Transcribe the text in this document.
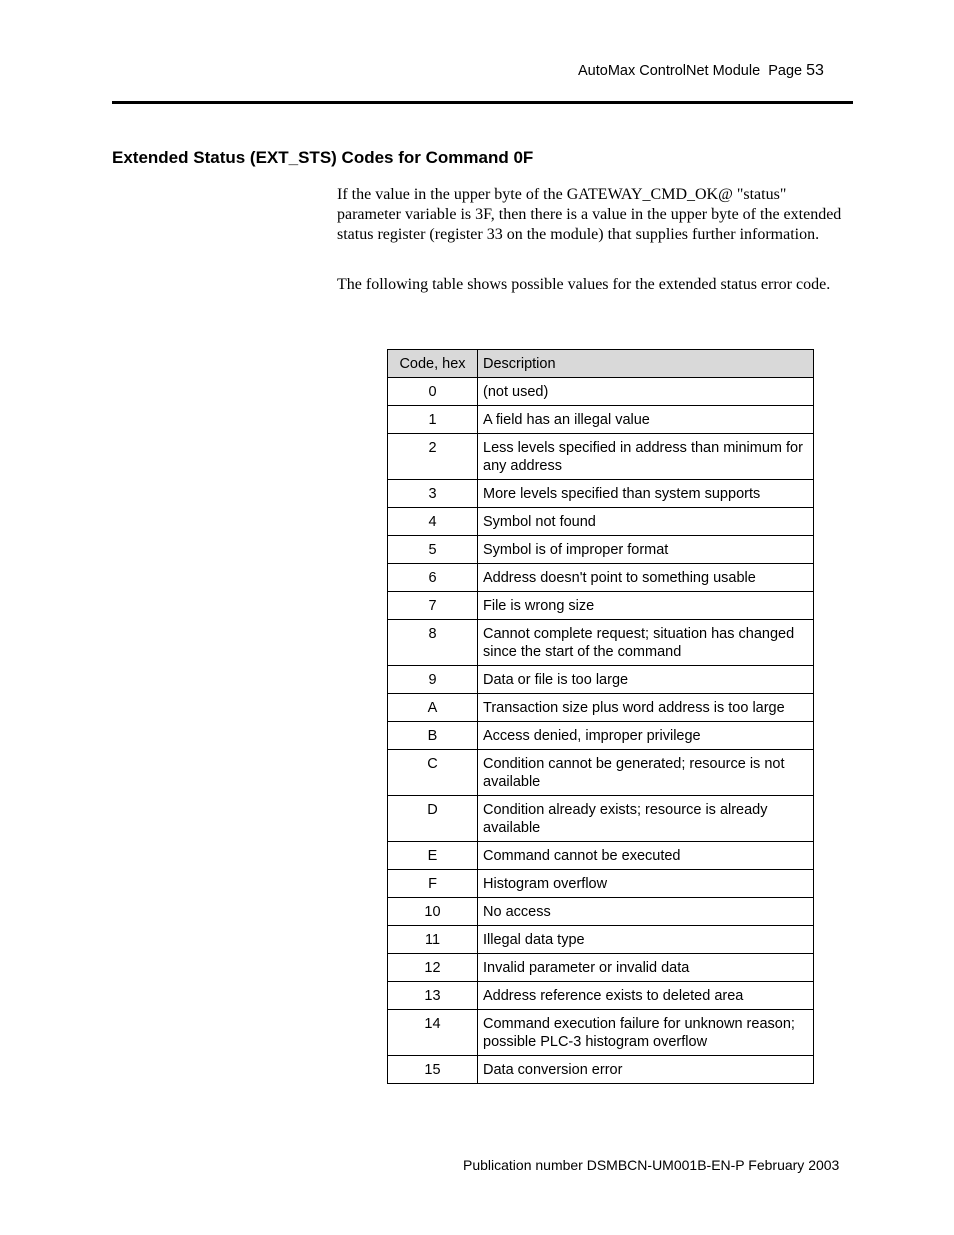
AutoMax ControlNet Module Page 53
Extended Status (EXT_STS) Codes for Command 0F

If the value in the upper byte of the GATEWAY_CMD_OK@ "status" parameter variable is 3F, then there is a value in the upper byte of the extended status register (register 33 on the module) that supplies further information.

The following table shows possible values for the extended status error code.

Code, hex	Description
0	(not used)
1	A field has an illegal value
2	Less levels specified in address than minimum for any address
3	More levels specified than system supports
4	Symbol not found
5	Symbol is of improper format
6	Address doesn't point to something usable
7	File is wrong size
8	Cannot complete request; situation has changed since the start of the command
9	Data or file is too large
A	Transaction size plus word address is too large
B	Access denied, improper privilege
C	Condition cannot be generated; resource is not available
D	Condition already exists; resource is already available
E	Command cannot be executed
F	Histogram overflow
10	No access
11	Illegal data type
12	Invalid parameter or invalid data
13	Address reference exists to deleted area
14	Command execution failure for unknown reason; possible PLC-3 histogram overflow
15	Data conversion error
Publication number DSMBCN-UM001B-EN-P February 2003
